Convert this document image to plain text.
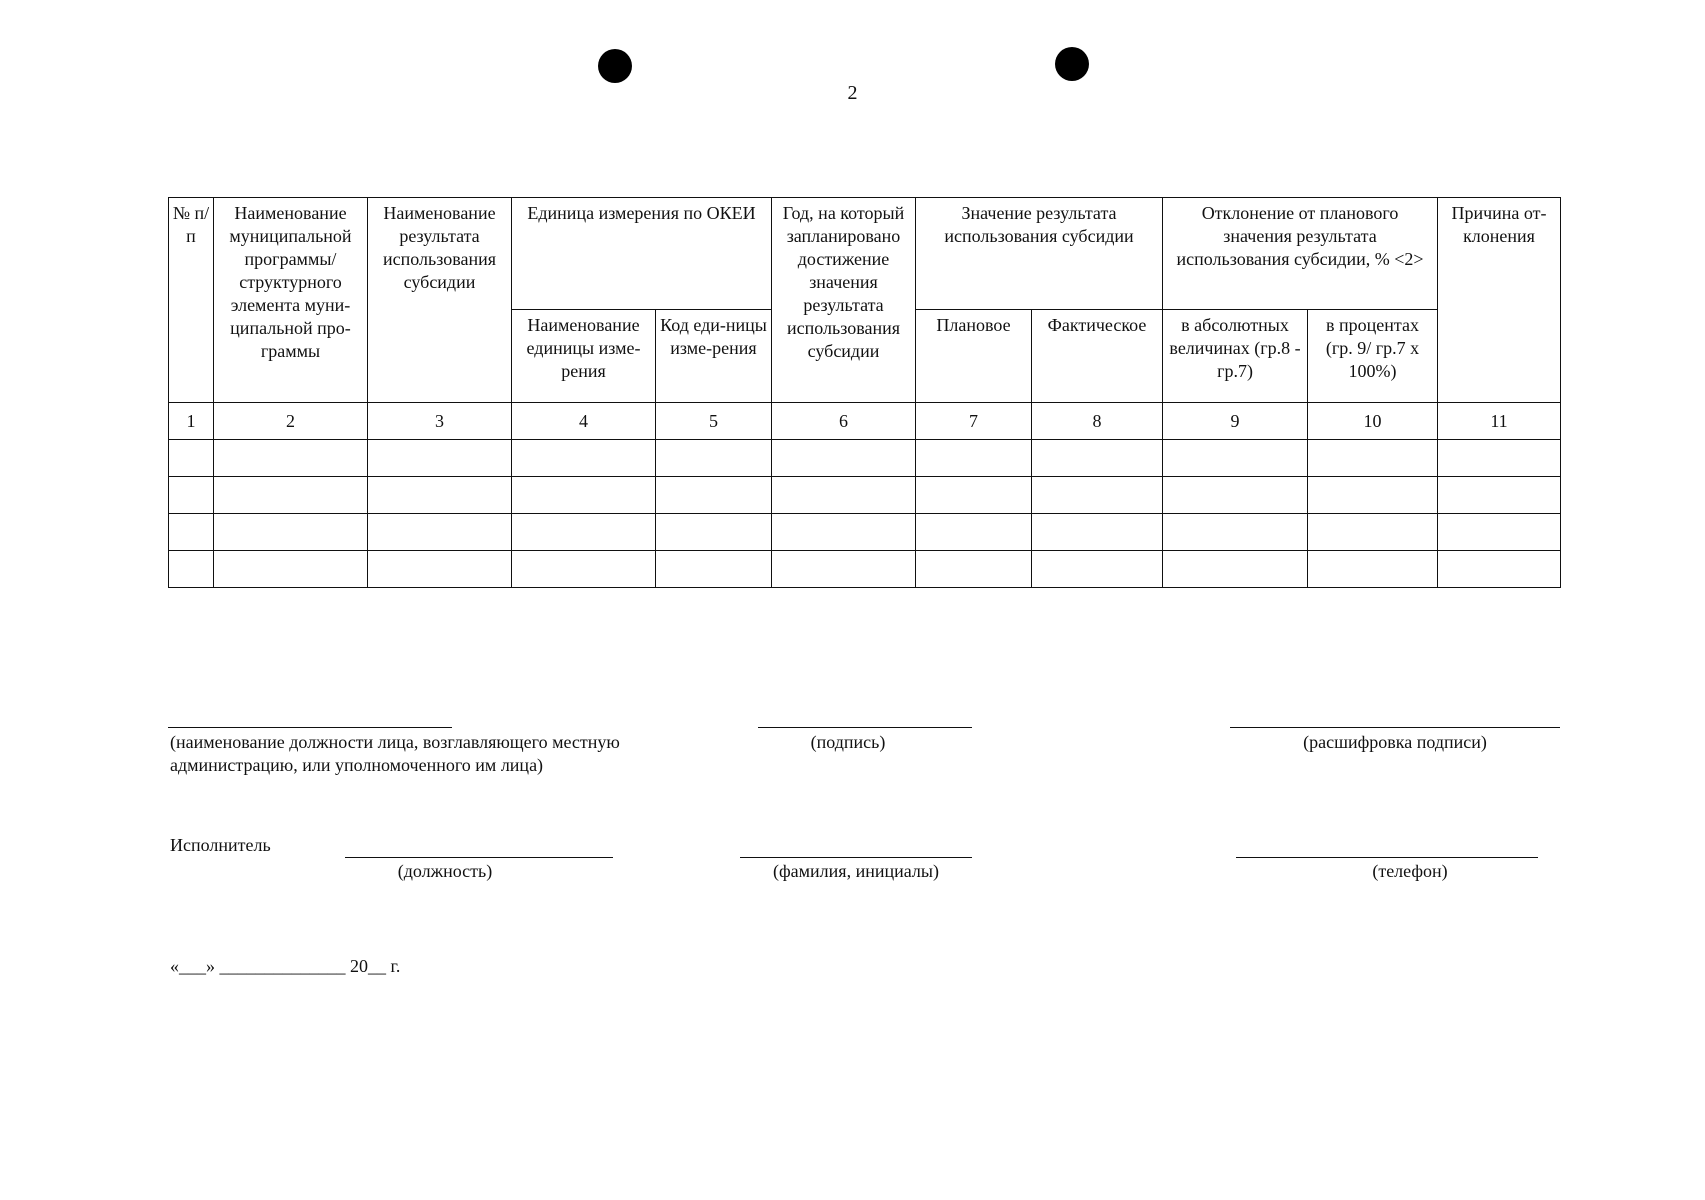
2
№ п/п	Наименование муниципальной программы/ структурного элемента муни-ципальной про-граммы	Наименование результата использования субсидии	Единица измерения по ОКЕИ		Год, на который запланировано достижение значения результата использования субсидии	Значение результата использования субсидии		Отклонение от планового значения результата использования субсидии, % <2>		Причина от-клонения
			Наименование единицы изме-рения	Код еди-ницы изме-рения		Плановое	Фактическое	в абсолютных величинах (гр.8 - гр.7)	в процентах (гр. 9/ гр.7 х 100%)	
1	2	3	4	5	6	7	8	9	10	11

(наименование должности лица, возглавляющего местную администрацию, или уполномоченного им лица)
(подпись)	(расшифровка подписи)
Исполнитель
(должность)	(фамилия, инициалы)	(телефон)
«___» ______________ 20__ г.
